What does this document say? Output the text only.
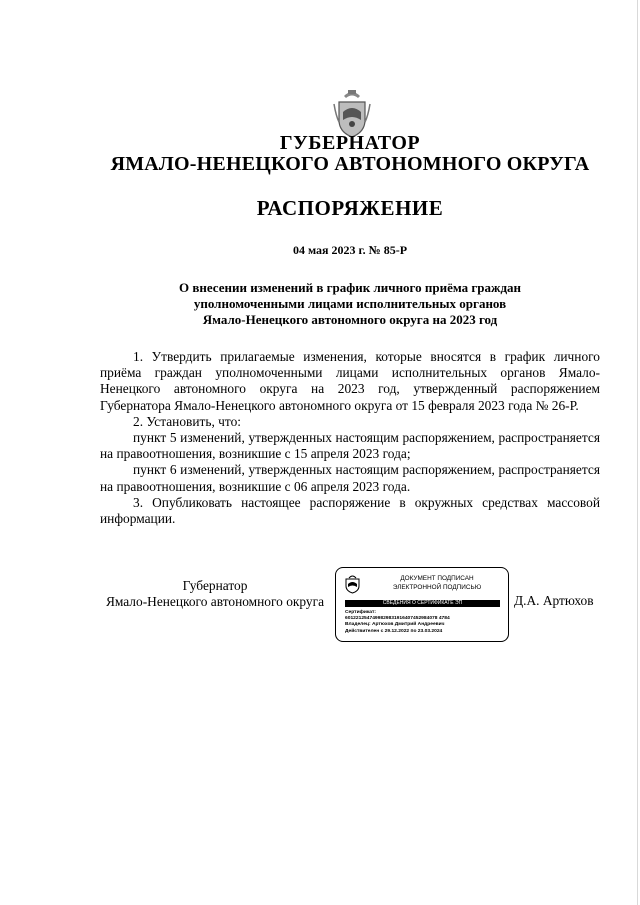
ГУБЕРНАТОР
ЯМАЛО-НЕНЕЦКОГО АВТОНОМНОГО ОКРУГА
РАСПОРЯЖЕНИЕ
04 мая 2023 г. № 85-Р
О внесении изменений в график личного приёма граждан
уполномоченными лицами исполнительных органов
Ямало-Ненецкого автономного округа на 2023 год

1. Утвердить прилагаемые изменения, которые вносятся в график личного приёма граждан уполномоченными лицами исполнительных органов Ямало-Ненецкого автономного округа на 2023 год, утвержденный распоряжением Губернатора Ямало-Ненецкого автономного округа от 15 февраля 2023 года № 26-Р.

2. Установить, что:

пункт 5 изменений, утвержденных настоящим распоряжением, распространяется на правоотношения, возникшие с 15 апреля 2023 года;

пункт 6 изменений, утвержденных настоящим распоряжением, распространяется на правоотношения, возникшие с 06 апреля 2023 года.

3. Опубликовать настоящее распоряжение в окружных средствах массовой информации.

Губернатор
Ямало-Ненецкого автономного округа
ДОКУМЕНТ ПОДПИСАН
ЭЛЕКТРОННОЙ ПОДПИСЬЮ
СВЕДЕНИЯ О СЕРТИФИКАТЕ ЭП
Сертификат:
6012212547499829831916407452984078 4784
Владелец: Артюхов Дмитрий Андреевич
Действителен с 29.12.2022 по 23.03.2024
Д.А. Артюхов
